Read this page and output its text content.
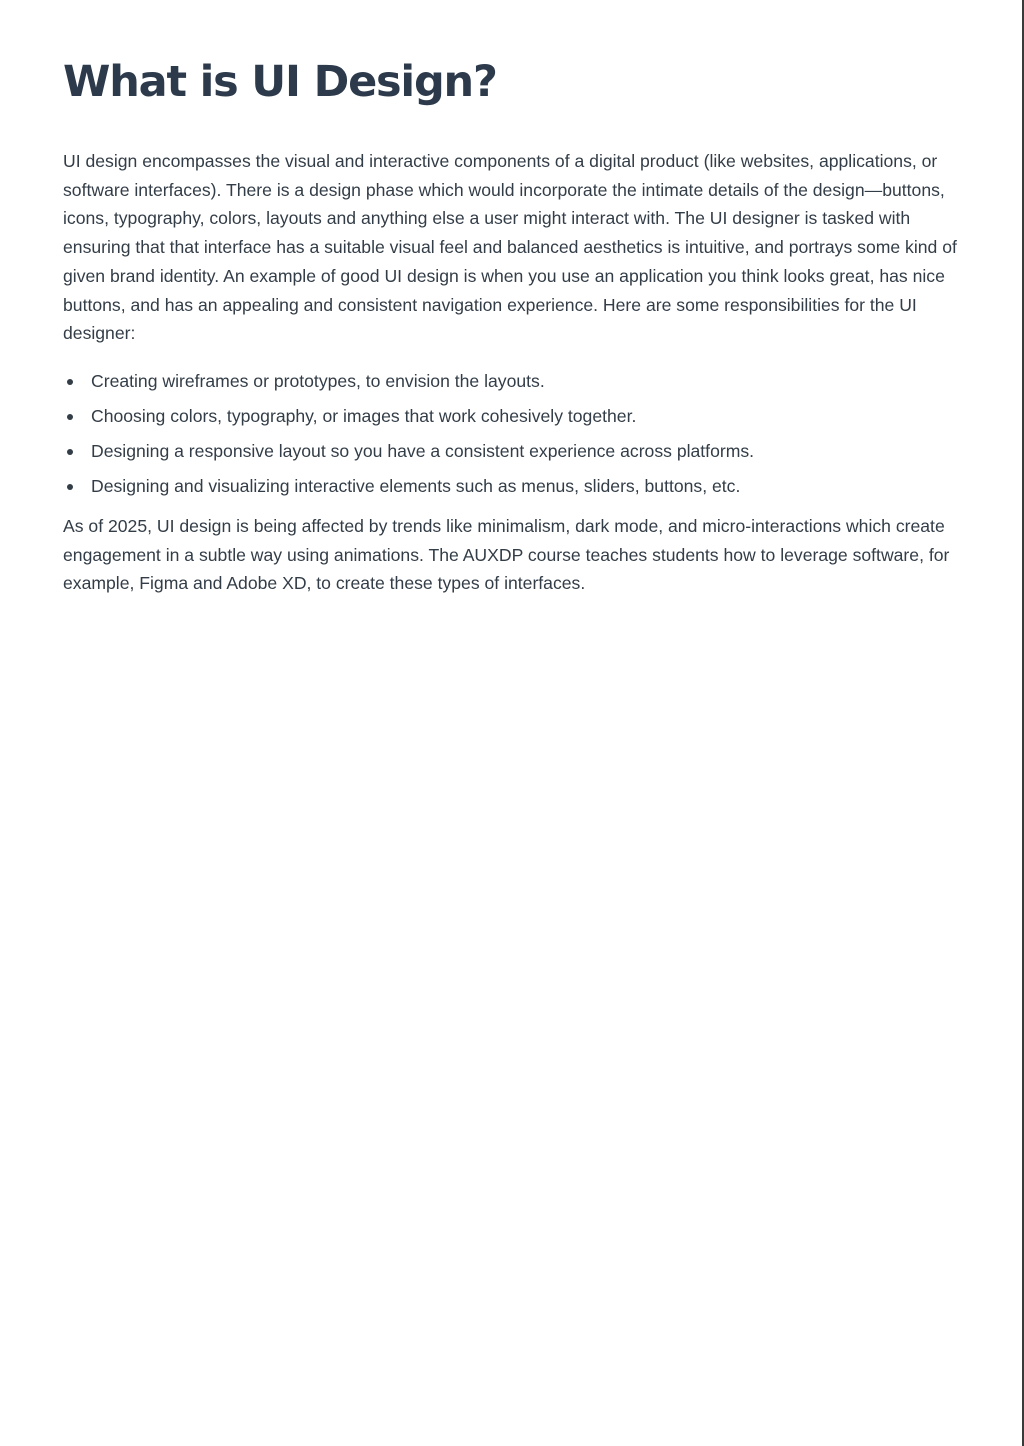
What is UI Design?

UI design encompasses the visual and interactive components of a digital product (like websites, applications, or software interfaces). There is a design phase which would incorporate the intimate details of the design—buttons, icons, typography, colors, layouts and anything else a user might interact with. The UI designer is tasked with ensuring that that interface has a suitable visual feel and balanced aesthetics is intuitive, and portrays some kind of given brand identity. An example of good UI design is when you use an application you think looks great, has nice buttons, and has an appealing and consistent navigation experience. Here are some responsibilities for the UI designer:

Creating wireframes or prototypes, to envision the layouts.
Choosing colors, typography, or images that work cohesively together.
Designing a responsive layout so you have a consistent experience across platforms.
Designing and visualizing interactive elements such as menus, sliders, buttons, etc.

As of 2025, UI design is being affected by trends like minimalism, dark mode, and micro-interactions which create engagement in a subtle way using animations. The AUXDP course teaches students how to leverage software, for example, Figma and Adobe XD, to create these types of interfaces.
